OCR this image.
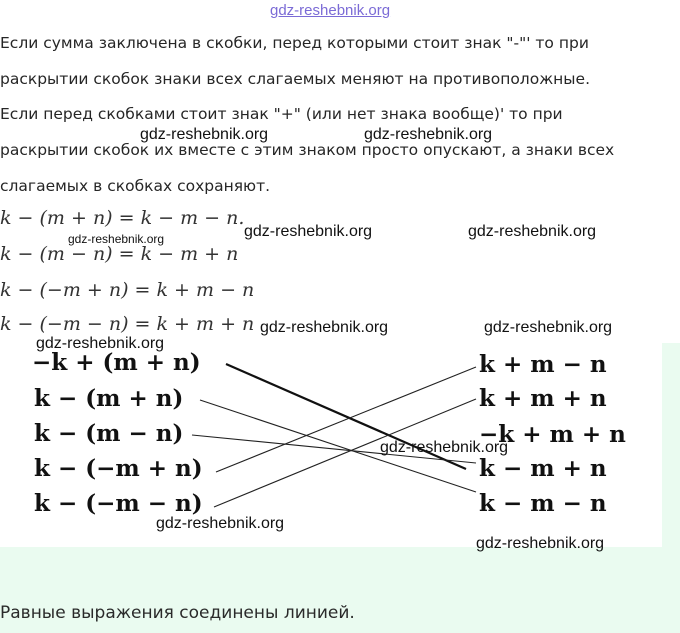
gdz-reshebnik.org
Если сумма заключена в скобки, перед которыми стоит знак "-"' то при
раскрытии скобок знаки всех слагаемых меняют на противоположные.
Если перед скобками стоит знак "+" (или нет знака вообще)' то при
раскрытии скобок их вместе с этим знаком просто опускают, а знаки всех
слагаемых в скобках сохраняют.
k − (m + n) = k − m − n.
k − (m − n) = k − m + n
k − (−m + n) = k + m − n
k − (−m − n) = k + m + n
−k + (m + n)
k − (m + n)
k − (m − n)
k − (−m + n)
k − (−m − n)
k + m − n
k + m + n
−k + m + n
k − m + n
k − m − n
gdz-reshebnik.org	gdz-reshebnik.org
gdz-reshebnik.org	gdz-reshebnik.org
gdz-reshebnik.org
gdz-reshebnik.org	gdz-reshebnik.org
gdz-reshebnik.org
gdz-reshebnik.org
gdz-reshebnik.org
gdz-reshebnik.org
Равные выражения соединены линией.
